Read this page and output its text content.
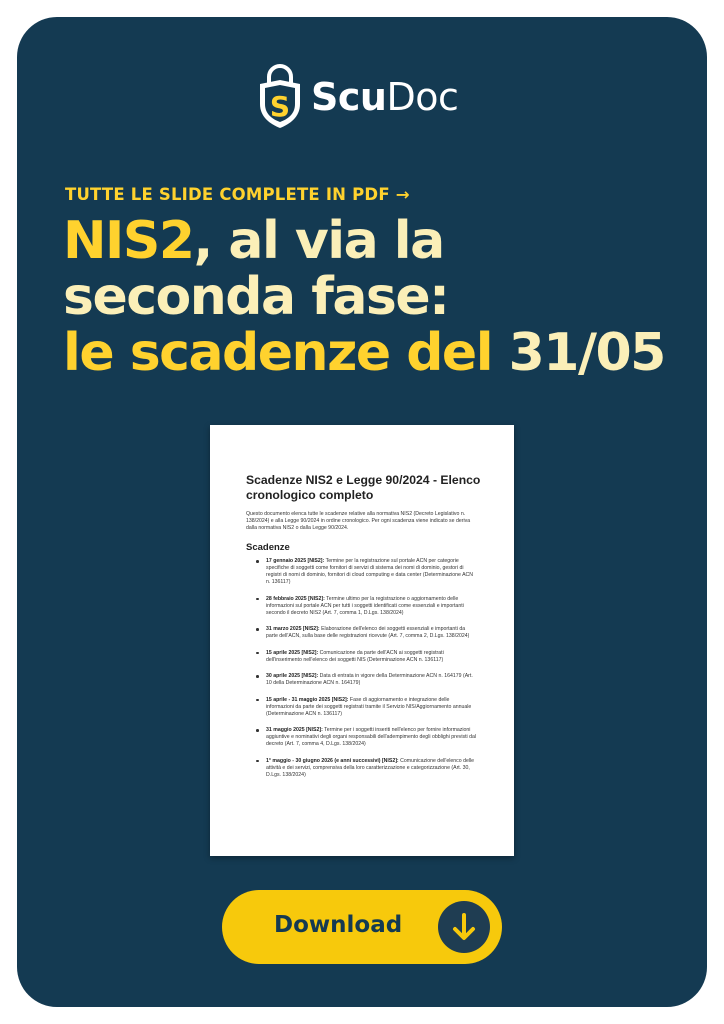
S ScuDoc
TUTTE LE SLIDE COMPLETE IN PDF →
NIS2, al via la
seconda fase:
le scadenze del 31/05

Scadenze NIS2 e Legge 90/2024 - Elenco cronologico completo

Questo documento elenca tutte le scadenze relative alla normativa NIS2 (Decreto Legislativo n. 138/2024) e alla Legge 90/2024 in ordine cronologico. Per ogni scadenza viene indicato se deriva dalla normativa NIS2 o dalla Legge 90/2024.

Scadenze

17 gennaio 2025 [NIS2]: Termine per la registrazione sul portale ACN per categorie specifiche di soggetti come fornitori di servizi di sistema dei nomi di dominio, gestori di registri di nomi di dominio, fornitori di cloud computing e data center (Determinazione ACN n. 136117)
28 febbraio 2025 [NIS2]: Termine ultimo per la registrazione o aggiornamento delle informazioni sul portale ACN per tutti i soggetti identificati come essenziali e importanti secondo il decreto NIS2 (Art. 7, comma 1, D.Lgs. 138/2024)
31 marzo 2025 [NIS2]: Elaborazione dell'elenco dei soggetti essenziali e importanti da parte dell'ACN, sulla base delle registrazioni ricevute (Art. 7, comma 2, D.Lgs. 138/2024)
15 aprile 2025 [NIS2]: Comunicazione da parte dell'ACN ai soggetti registrati dell'inserimento nell'elenco dei soggetti NIS (Determinazione ACN n. 136117)
30 aprile 2025 [NIS2]: Data di entrata in vigore della Determinazione ACN n. 164179 (Art. 10 della Determinazione ACN n. 164179)
15 aprile - 31 maggio 2025 [NIS2]: Fase di aggiornamento e integrazione delle informazioni da parte dei soggetti registrati tramite il Servizio NIS/Aggiornamento annuale (Determinazione ACN n. 136117)
31 maggio 2025 [NIS2]: Termine per i soggetti inseriti nell'elenco per fornire informazioni aggiuntive e nominativi degli organi responsabili dell'adempimento degli obblighi previsti dal decreto (Art. 7, comma 4, D.Lgs. 138/2024)
1° maggio - 30 giugno 2026 (e anni successivi) [NIS2]: Comunicazione dell'elenco delle attività e dei servizi, comprensiva della loro caratterizzazione e categorizzazione (Art. 30, D.Lgs. 138/2024)
Download
